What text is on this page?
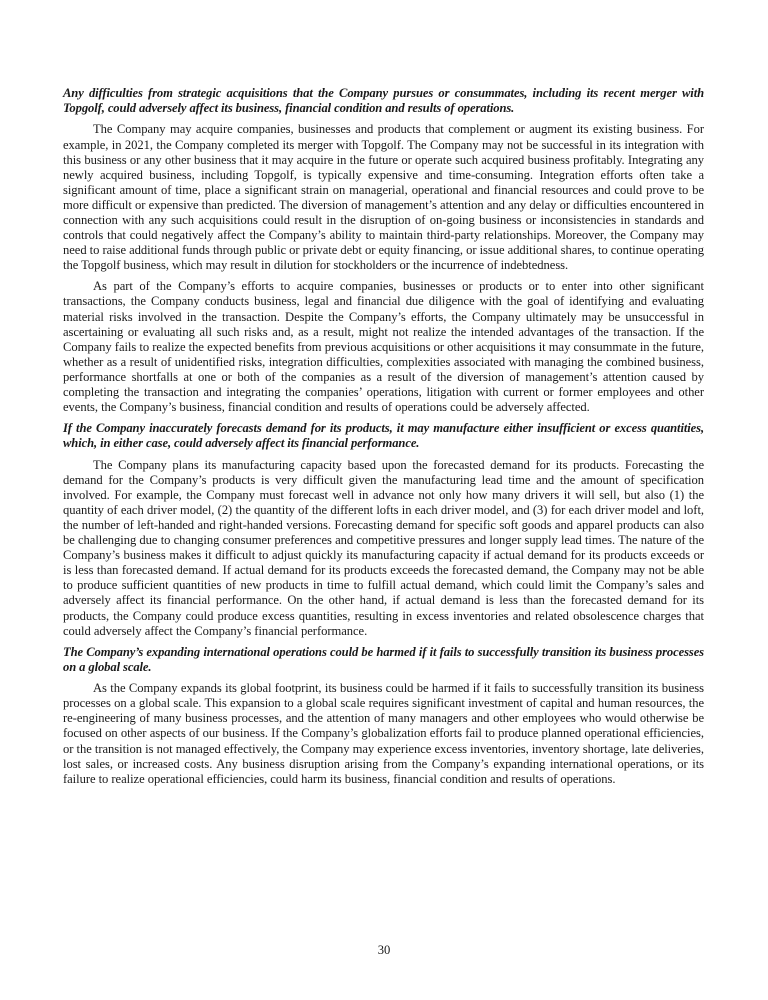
Any difficulties from strategic acquisitions that the Company pursues or consummates, including its recent merger with Topgolf, could adversely affect its business, financial condition and results of operations.

The Company may acquire companies, businesses and products that complement or augment its existing business. For example, in 2021, the Company completed its merger with Topgolf. The Company may not be successful in its integration with this business or any other business that it may acquire in the future or operate such acquired business profitably. Integrating any newly acquired business, including Topgolf, is typically expensive and time-consuming. Integration efforts often take a significant amount of time, place a significant strain on managerial, operational and financial resources and could prove to be more difficult or expensive than predicted. The diversion of management’s attention and any delay or difficulties encountered in connection with any such acquisitions could result in the disruption of on-going business or inconsistencies in standards and controls that could negatively affect the Company’s ability to maintain third-party relationships. Moreover, the Company may need to raise additional funds through public or private debt or equity financing, or issue additional shares, to continue operating the Topgolf business, which may result in dilution for stockholders or the incurrence of indebtedness.

As part of the Company’s efforts to acquire companies, businesses or products or to enter into other significant transactions, the Company conducts business, legal and financial due diligence with the goal of identifying and evaluating material risks involved in the transaction. Despite the Company’s efforts, the Company ultimately may be unsuccessful in ascertaining or evaluating all such risks and, as a result, might not realize the intended advantages of the transaction. If the Company fails to realize the expected benefits from previous acquisitions or other acquisitions it may consummate in the future, whether as a result of unidentified risks, integration difficulties, complexities associated with managing the combined business, performance shortfalls at one or both of the companies as a result of the diversion of management’s attention caused by completing the transaction and integrating the companies’ operations, litigation with current or former employees and other events, the Company’s business, financial condition and results of operations could be adversely affected.

If the Company inaccurately forecasts demand for its products, it may manufacture either insufficient or excess quantities, which, in either case, could adversely affect its financial performance.

The Company plans its manufacturing capacity based upon the forecasted demand for its products. Forecasting the demand for the Company’s products is very difficult given the manufacturing lead time and the amount of specification involved. For example, the Company must forecast well in advance not only how many drivers it will sell, but also (1) the quantity of each driver model, (2) the quantity of the different lofts in each driver model, and (3) for each driver model and loft, the number of left-handed and right-handed versions. Forecasting demand for specific soft goods and apparel products can also be challenging due to changing consumer preferences and competitive pressures and longer supply lead times. The nature of the Company’s business makes it difficult to adjust quickly its manufacturing capacity if actual demand for its products exceeds or is less than forecasted demand. If actual demand for its products exceeds the forecasted demand, the Company may not be able to produce sufficient quantities of new products in time to fulfill actual demand, which could limit the Company’s sales and adversely affect its financial performance. On the other hand, if actual demand is less than the forecasted demand for its products, the Company could produce excess quantities, resulting in excess inventories and related obsolescence charges that could adversely affect the Company’s financial performance.

The Company’s expanding international operations could be harmed if it fails to successfully transition its business processes on a global scale.

As the Company expands its global footprint, its business could be harmed if it fails to successfully transition its business processes on a global scale. This expansion to a global scale requires significant investment of capital and human resources, the re-engineering of many business processes, and the attention of many managers and other employees who would otherwise be focused on other aspects of our business. If the Company’s globalization efforts fail to produce planned operational efficiencies, or the transition is not managed effectively, the Company may experience excess inventories, inventory shortage, late deliveries, lost sales, or increased costs. Any business disruption arising from the Company’s expanding international operations, or its failure to realize operational efficiencies, could harm its business, financial condition and results of operations.

30
